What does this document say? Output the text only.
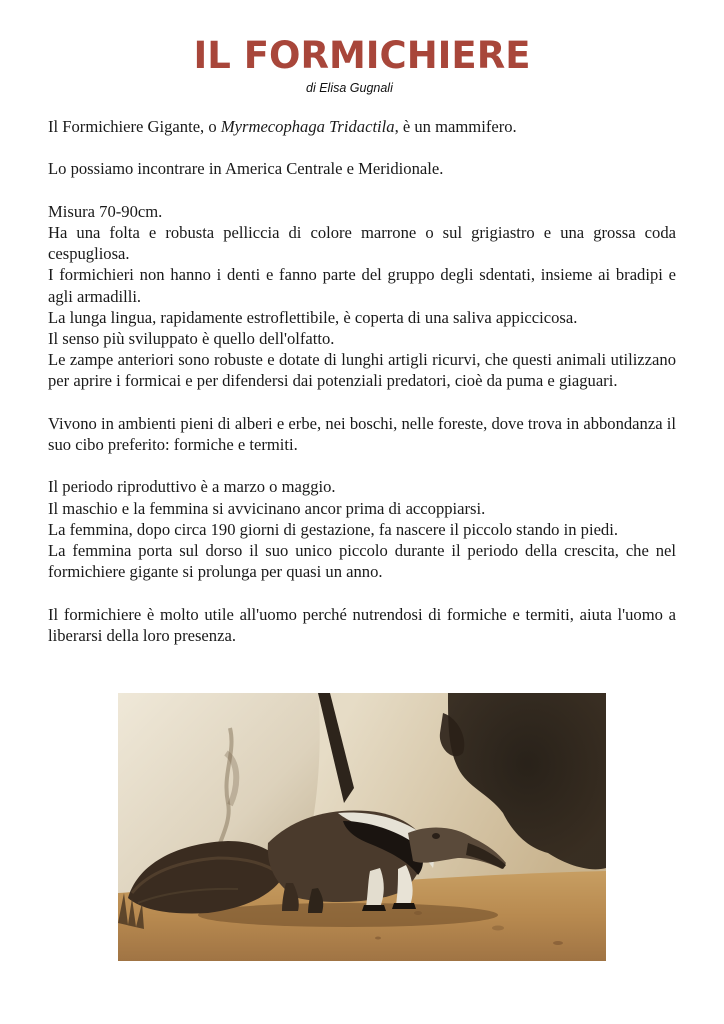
IL FORMICHIERE
di Elisa Gugnali

Il Formichiere Gigante, o Myrmecophaga Tridactila, è un mammifero.

Lo possiamo incontrare in America Centrale e Meridionale.

Misura 70-90cm.

Ha una folta e robusta pelliccia di colore marrone o sul grigiastro e una grossa coda cespugliosa.

I formichieri non hanno i denti e fanno parte del gruppo degli sdentati, insieme ai bradipi e agli armadilli.

La lunga lingua, rapidamente estroflettibile, è coperta di una saliva appiccicosa.

Il senso più sviluppato è quello dell'olfatto.

Le zampe anteriori sono robuste e dotate di lunghi artigli ricurvi, che questi animali utilizzano per aprire i formicai e per difendersi dai potenziali predatori, cioè da puma e giaguari.

Vivono in ambienti pieni di alberi e erbe, nei boschi, nelle foreste, dove trova in abbondanza il suo cibo preferito: formiche e termiti.

Il periodo riproduttivo è a marzo o maggio.

Il maschio e la femmina si avvicinano ancor prima di accoppiarsi.

La femmina, dopo circa 190 giorni di gestazione, fa nascere il piccolo stando in piedi.

La femmina porta sul dorso il suo unico piccolo durante il periodo della crescita, che nel formichiere gigante si prolunga per quasi un anno.

Il formichiere è molto utile all'uomo perché nutrendosi di formiche e termiti, aiuta l'uomo a liberarsi della loro presenza.
